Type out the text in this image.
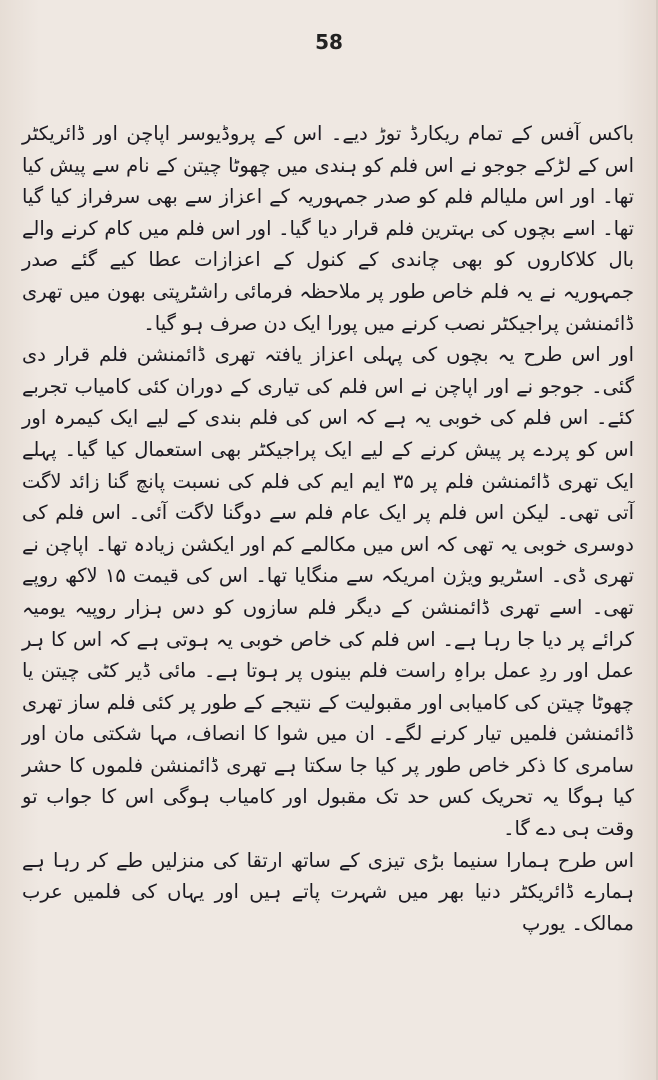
58

باکس آفس کے تمام ریکارڈ توڑ دیے۔ اس کے پروڈیوسر اپاچن اور ڈائریکٹر اس کے لڑکے جوجو نے اس فلم کو ہندی میں چھوٹا چیتن کے نام سے پیش کیا تھا۔ اور اس ملیالم فلم کو صدر جمہوریہ کے اعزاز سے بھی سرفراز کیا گیا تھا۔ اسے بچوں کی بہترین فلم قرار دیا گیا۔ اور اس فلم میں کام کرنے والے بال کلاکاروں کو بھی چاندی کے کنول کے اعزازات عطا کیے گئے صدر جمہوریہ نے یہ فلم خاص طور پر ملاحظہ فرمائی راشٹرپتی بھون میں تھری ڈائمنشن پراجیکٹر نصب کرنے میں پورا ایک دن صرف ہو گیا۔

اور اس طرح یہ بچوں کی پہلی اعزاز یافتہ تھری ڈائمنشن فلم قرار دی گئی۔ جوجو نے اور اپاچن نے اس فلم کی تیاری کے دوران کئی کامیاب تجربے کئے۔ اس فلم کی خوبی یہ ہے کہ اس کی فلم بندی کے لیے ایک کیمرہ اور اس کو پردے پر پیش کرنے کے لیے ایک پراجیکٹر بھی استعمال کیا گیا۔ پہلے ایک تھری ڈائمنشن فلم پر ۳۵ ایم ایم کی فلم کی نسبت پانچ گنا زائد لاگت آتی تھی۔ لیکن اس فلم پر ایک عام فلم سے دوگنا لاگت آئی۔ اس فلم کی دوسری خوبی یہ تھی کہ اس میں مکالمے کم اور ایکشن زیادہ تھا۔ اپاچن نے تھری ڈی۔ اسٹریو ویژن امریکہ سے منگایا تھا۔ اس کی قیمت ۱۵ لاکھ روپے تھی۔ اسے تھری ڈائمنشن کے دیگر فلم سازوں کو دس ہزار روپیہ یومیہ کرائے پر دیا جا رہا ہے۔ اس فلم کی خاص خوبی یہ ہوتی ہے کہ اس کا ہر عمل اور ردِ عمل براہِ راست فلم بینوں پر ہوتا ہے۔ مائی ڈیر کٹی چیتن یا چھوٹا چیتن کی کامیابی اور مقبولیت کے نتیجے کے طور پر کئی فلم ساز تھری ڈائمنشن فلمیں تیار کرنے لگے۔ ان میں شوا کا انصاف، مہا شکتی مان اور سامری کا ذکر خاص طور پر کیا جا سکتا ہے تھری ڈائمنشن فلموں کا حشر کیا ہوگا یہ تحریک کس حد تک مقبول اور کامیاب ہوگی اس کا جواب تو وقت ہی دے گا۔

اس طرح ہمارا سنیما بڑی تیزی کے ساتھ ارتقا کی منزلیں طے کر رہا ہے ہمارے ڈائریکٹر دنیا بھر میں شہرت پاتے ہیں اور یہاں کی فلمیں عرب ممالک۔ یورپ
